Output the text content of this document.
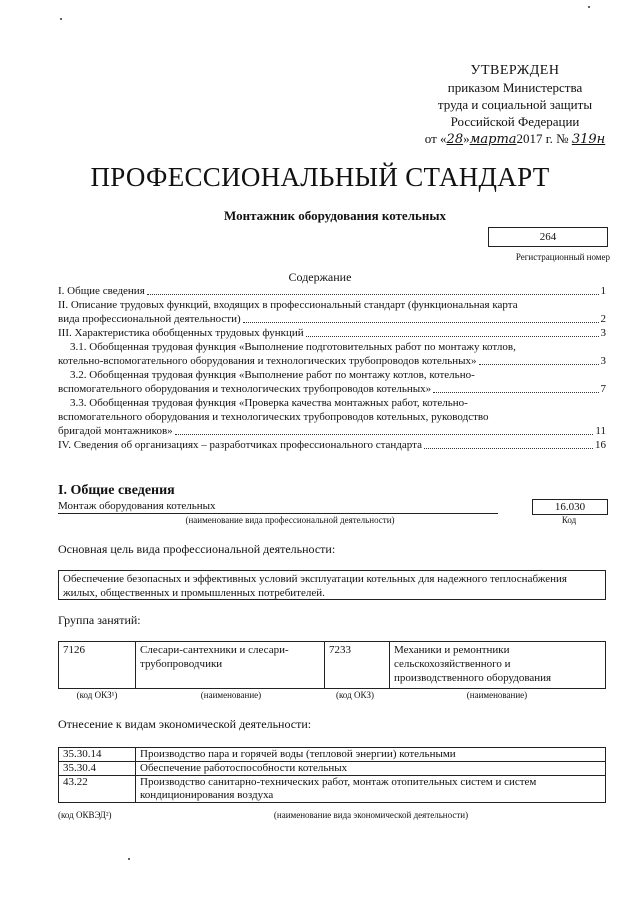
УТВЕРЖДЕН
приказом Министерства
труда и социальной защиты
Российской Федерации
от «28»марта2017 г. № 319н
ПРОФЕССИОНАЛЬНЫЙ СТАНДАРТ
Монтажник оборудования котельных
264
Регистрационный номер
Содержание
I. Общие сведения	1
II. Описание трудовых функций, входящих в профессиональный стандарт (функциональная карта
вида профессиональной деятельности)	2
III. Характеристика обобщенных трудовых функций	3
3.1. Обобщенная трудовая функция «Выполнение подготовительных работ по монтажу котлов,
котельно-вспомогательного оборудования и технологических трубопроводов котельных»	3
3.2. Обобщенная трудовая функция «Выполнение работ по монтажу котлов, котельно-
вспомогательного оборудования и технологических трубопроводов котельных»	7
3.3. Обобщенная трудовая функция «Проверка качества монтажных работ, котельно-
вспомогательного оборудования и технологических трубопроводов котельных, руководство
бригадой монтажников»	11
IV. Сведения об организациях – разработчиках профессионального стандарта	16
I. Общие сведения
Монтаж оборудования котельных
(наименование вида профессиональной деятельности)
16.030
Код
Основная цель вида профессиональной деятельности:
Обеспечение безопасных и эффективных условий эксплуатации котельных для надежного теплоснабжения жилых, общественных и промышленных потребителей.
Группа занятий:
7126	Слесари-сантехники и слесари-трубопроводчики	7233	Механики и ремонтники сельскохозяйственного и производственного оборудования
(код ОКЗ¹)	(наименование)	(код ОКЗ)	(наименование)
Отнесение к видам экономической деятельности:
35.30.14	Производство пара и горячей воды (тепловой энергии) котельными
35.30.4	Обеспечение работоспособности котельных
43.22	Производство санитарно-технических работ, монтаж отопительных систем и систем кондиционирования воздуха
(код ОКВЭД²)	(наименование вида экономической деятельности)
